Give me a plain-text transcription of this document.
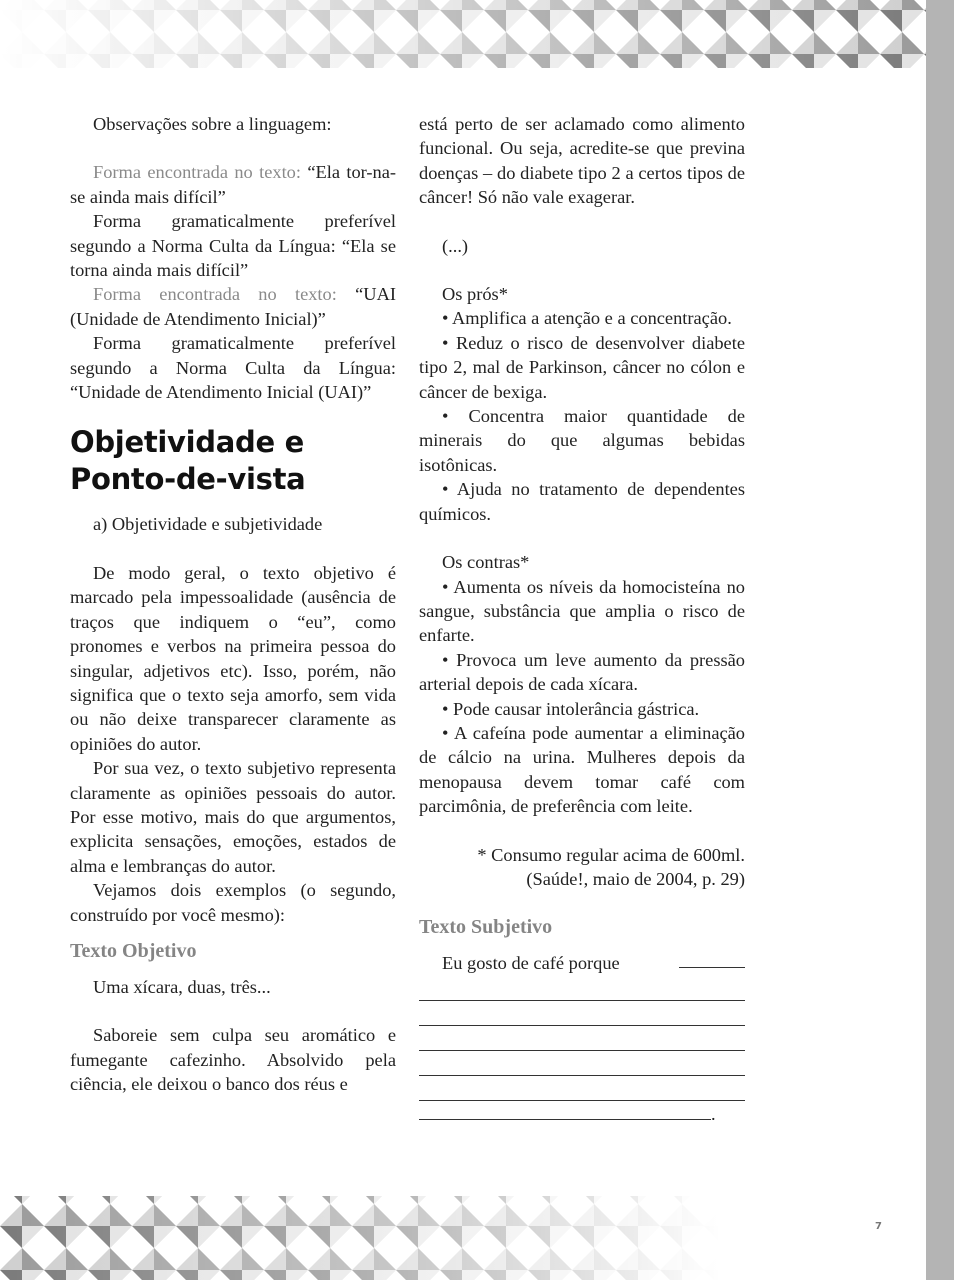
Observações sobre a linguagem:

Forma encontrada no texto: “Ela tor-na-se ainda mais difícil”

Forma gramaticalmente preferível segundo a Norma Culta da Língua: “Ela se torna ainda mais difícil”

Forma encontrada no texto: “UAI (Unidade de Atendimento Inicial)”

Forma gramaticalmente preferível segundo a Norma Culta da Língua: “Unidade de Atendimento Inicial (UAI)”

Objetividade e
Ponto-de-vista

a) Objetividade e subjetividade

De modo geral, o texto objetivo é marcado pela impessoalidade (ausência de traços que indiquem o “eu”, como pronomes e verbos na primeira pessoa do singular, adjetivos etc). Isso, porém, não significa que o texto seja amorfo, sem vida ou não deixe transparecer claramente as opiniões do autor.

Por sua vez, o texto subjetivo representa claramente as opiniões pessoais do autor. Por esse motivo, mais do que argumentos, explicita sensações, emoções, estados de alma e lembranças do autor.

Vejamos dois exemplos (o segundo, construído por você mesmo):

Texto Objetivo

Uma xícara, duas, três...

Saboreie sem culpa seu aromático e fumegante cafezinho. Absolvido pela ciência, ele deixou o banco dos réus e

está perto de ser aclamado como alimento funcional. Ou seja, acredite-se que previna doenças – do diabete tipo 2 a certos tipos de câncer! Só não vale exagerar.

(...)

Os prós*

• Amplifica a atenção e a concentração.

• Reduz o risco de desenvolver diabete tipo 2, mal de Parkinson, câncer no cólon e câncer de bexiga.

• Concentra maior quantidade de minerais do que algumas bebidas isotônicas.

• Ajuda no tratamento de dependentes químicos.

Os contras*

• Aumenta os níveis da homocisteína no sangue, substância que amplia o risco de enfarte.

• Provoca um leve aumento da pressão arterial depois de cada xícara.

• Pode causar intolerância gástrica.

• A cafeína pode aumentar a eliminação de cálcio na urina. Mulheres depois da menopausa devem tomar café com parcimônia, de preferência com leite.

* Consumo regular acima de 600ml.

(Saúde!, maio de 2004, p. 29)

Texto Subjetivo

Eu gosto de café porque

.
7
